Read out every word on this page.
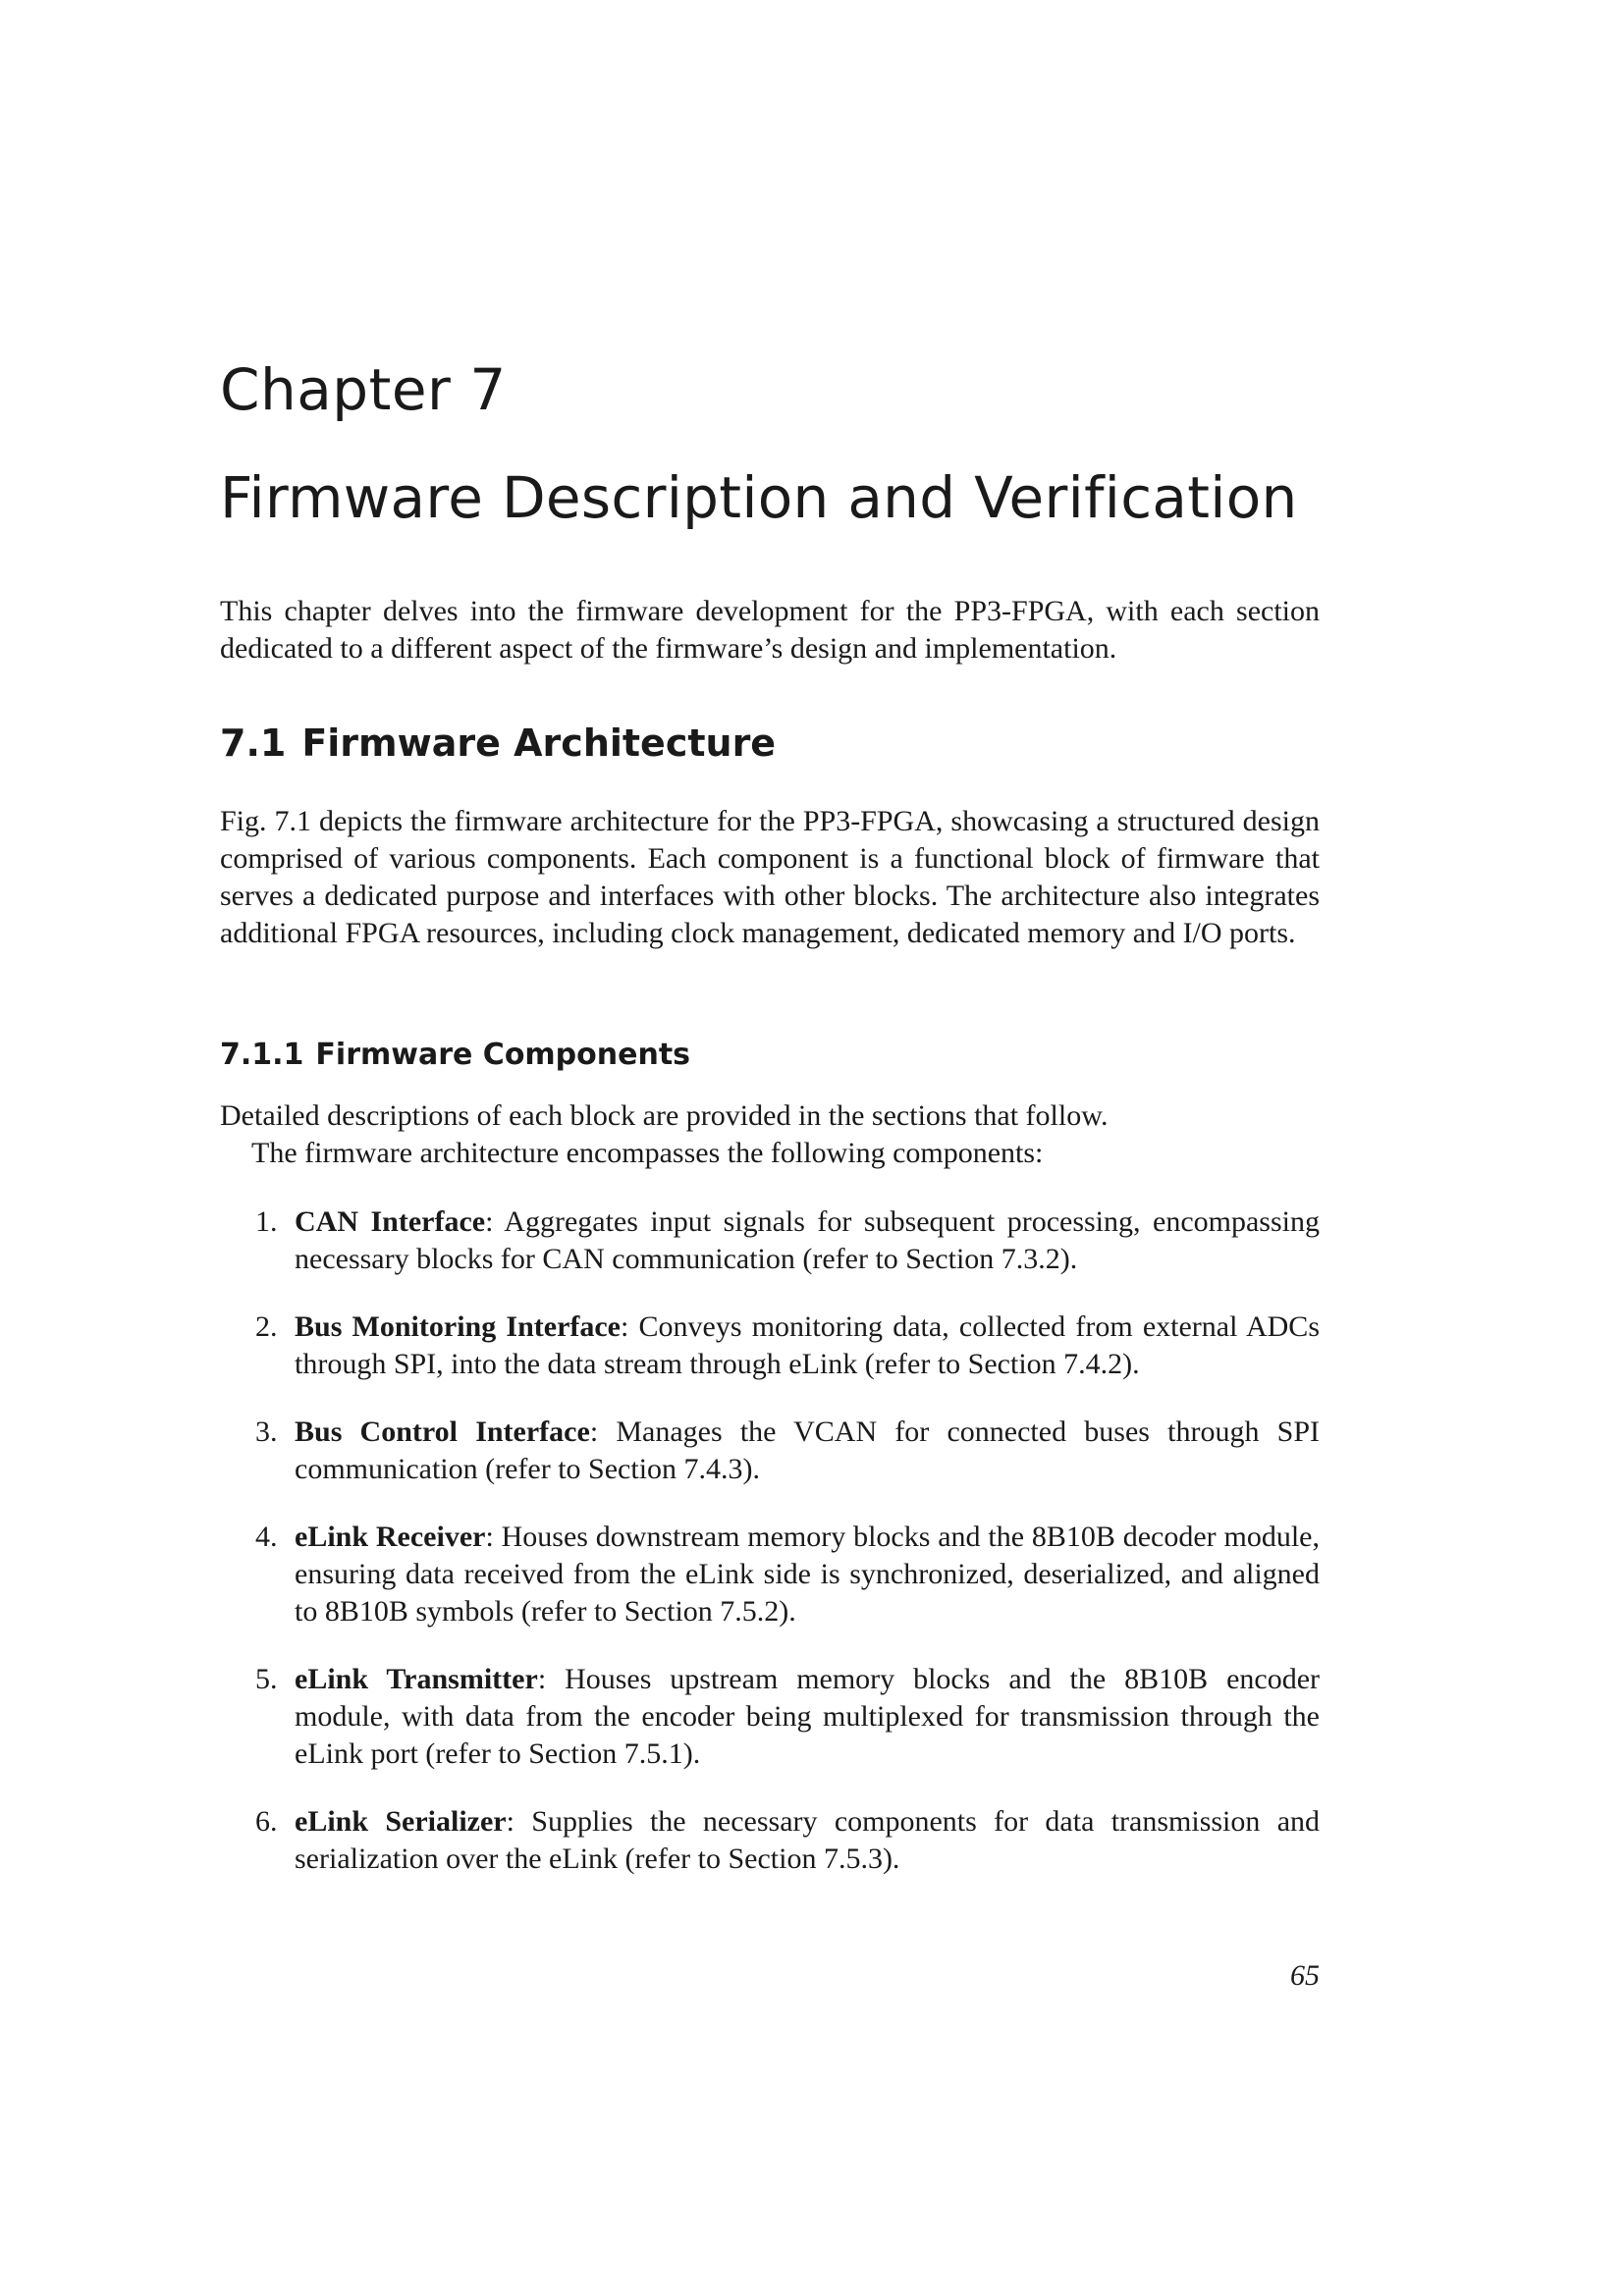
Chapter 7
Firmware Description and Verification

This chapter delves into the firmware development for the PP3-FPGA, with each section dedicated to a different aspect of the firmware’s design and implementation.

7.1 Firmware Architecture

Fig. 7.1 depicts the firmware architecture for the PP3-FPGA, showcasing a structured design comprised of various components. Each component is a functional block of firmware that serves a dedicated purpose and interfaces with other blocks. The architecture also integrates additional FPGA resources, including clock management, dedicated memory and I/O ports.

7.1.1 Firmware Components

Detailed descriptions of each block are provided in the sections that follow.

The firmware architecture encompasses the following components:

1. CAN Interface: Aggregates input signals for subsequent processing, encompassing necessary blocks for CAN communication (refer to Section 7.3.2).
2. Bus Monitoring Interface: Conveys monitoring data, collected from external ADCs through SPI, into the data stream through eLink (refer to Section 7.4.2).
3. Bus Control Interface: Manages the VCAN for connected buses through SPI communication (refer to Section 7.4.3).
4. eLink Receiver: Houses downstream memory blocks and the 8B10B decoder module, ensuring data received from the eLink side is synchronized, deserialized, and aligned to 8B10B symbols (refer to Section 7.5.2).
5. eLink Transmitter: Houses upstream memory blocks and the 8B10B encoder module, with data from the encoder being multiplexed for transmission through the eLink port (refer to Section 7.5.1).
6. eLink Serializer: Supplies the necessary components for data transmission and serialization over the eLink (refer to Section 7.5.3).

65
